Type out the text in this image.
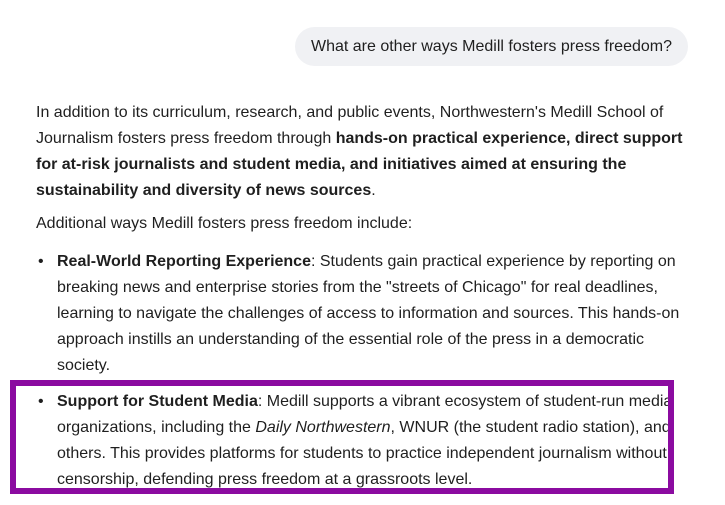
What are other ways Medill fosters press freedom?

In addition to its curriculum, research, and public events, Northwestern's Medill School of Journalism fosters press freedom through hands-on practical experience, direct support for at-risk journalists and student media, and initiatives aimed at ensuring the sustainability and diversity of news sources.

Additional ways Medill fosters press freedom include:

• Real-World Reporting Experience: Students gain practical experience by reporting on breaking news and enterprise stories from the "streets of Chicago" for real deadlines, learning to navigate the challenges of access to information and sources. This hands-on approach instills an understanding of the essential role of the press in a democratic society.
• Support for Student Media: Medill supports a vibrant ecosystem of student-run media organizations, including the Daily Northwestern, WNUR (the student radio station), and others. This provides platforms for students to practice independent journalism without censorship, defending press freedom at a grassroots level.
